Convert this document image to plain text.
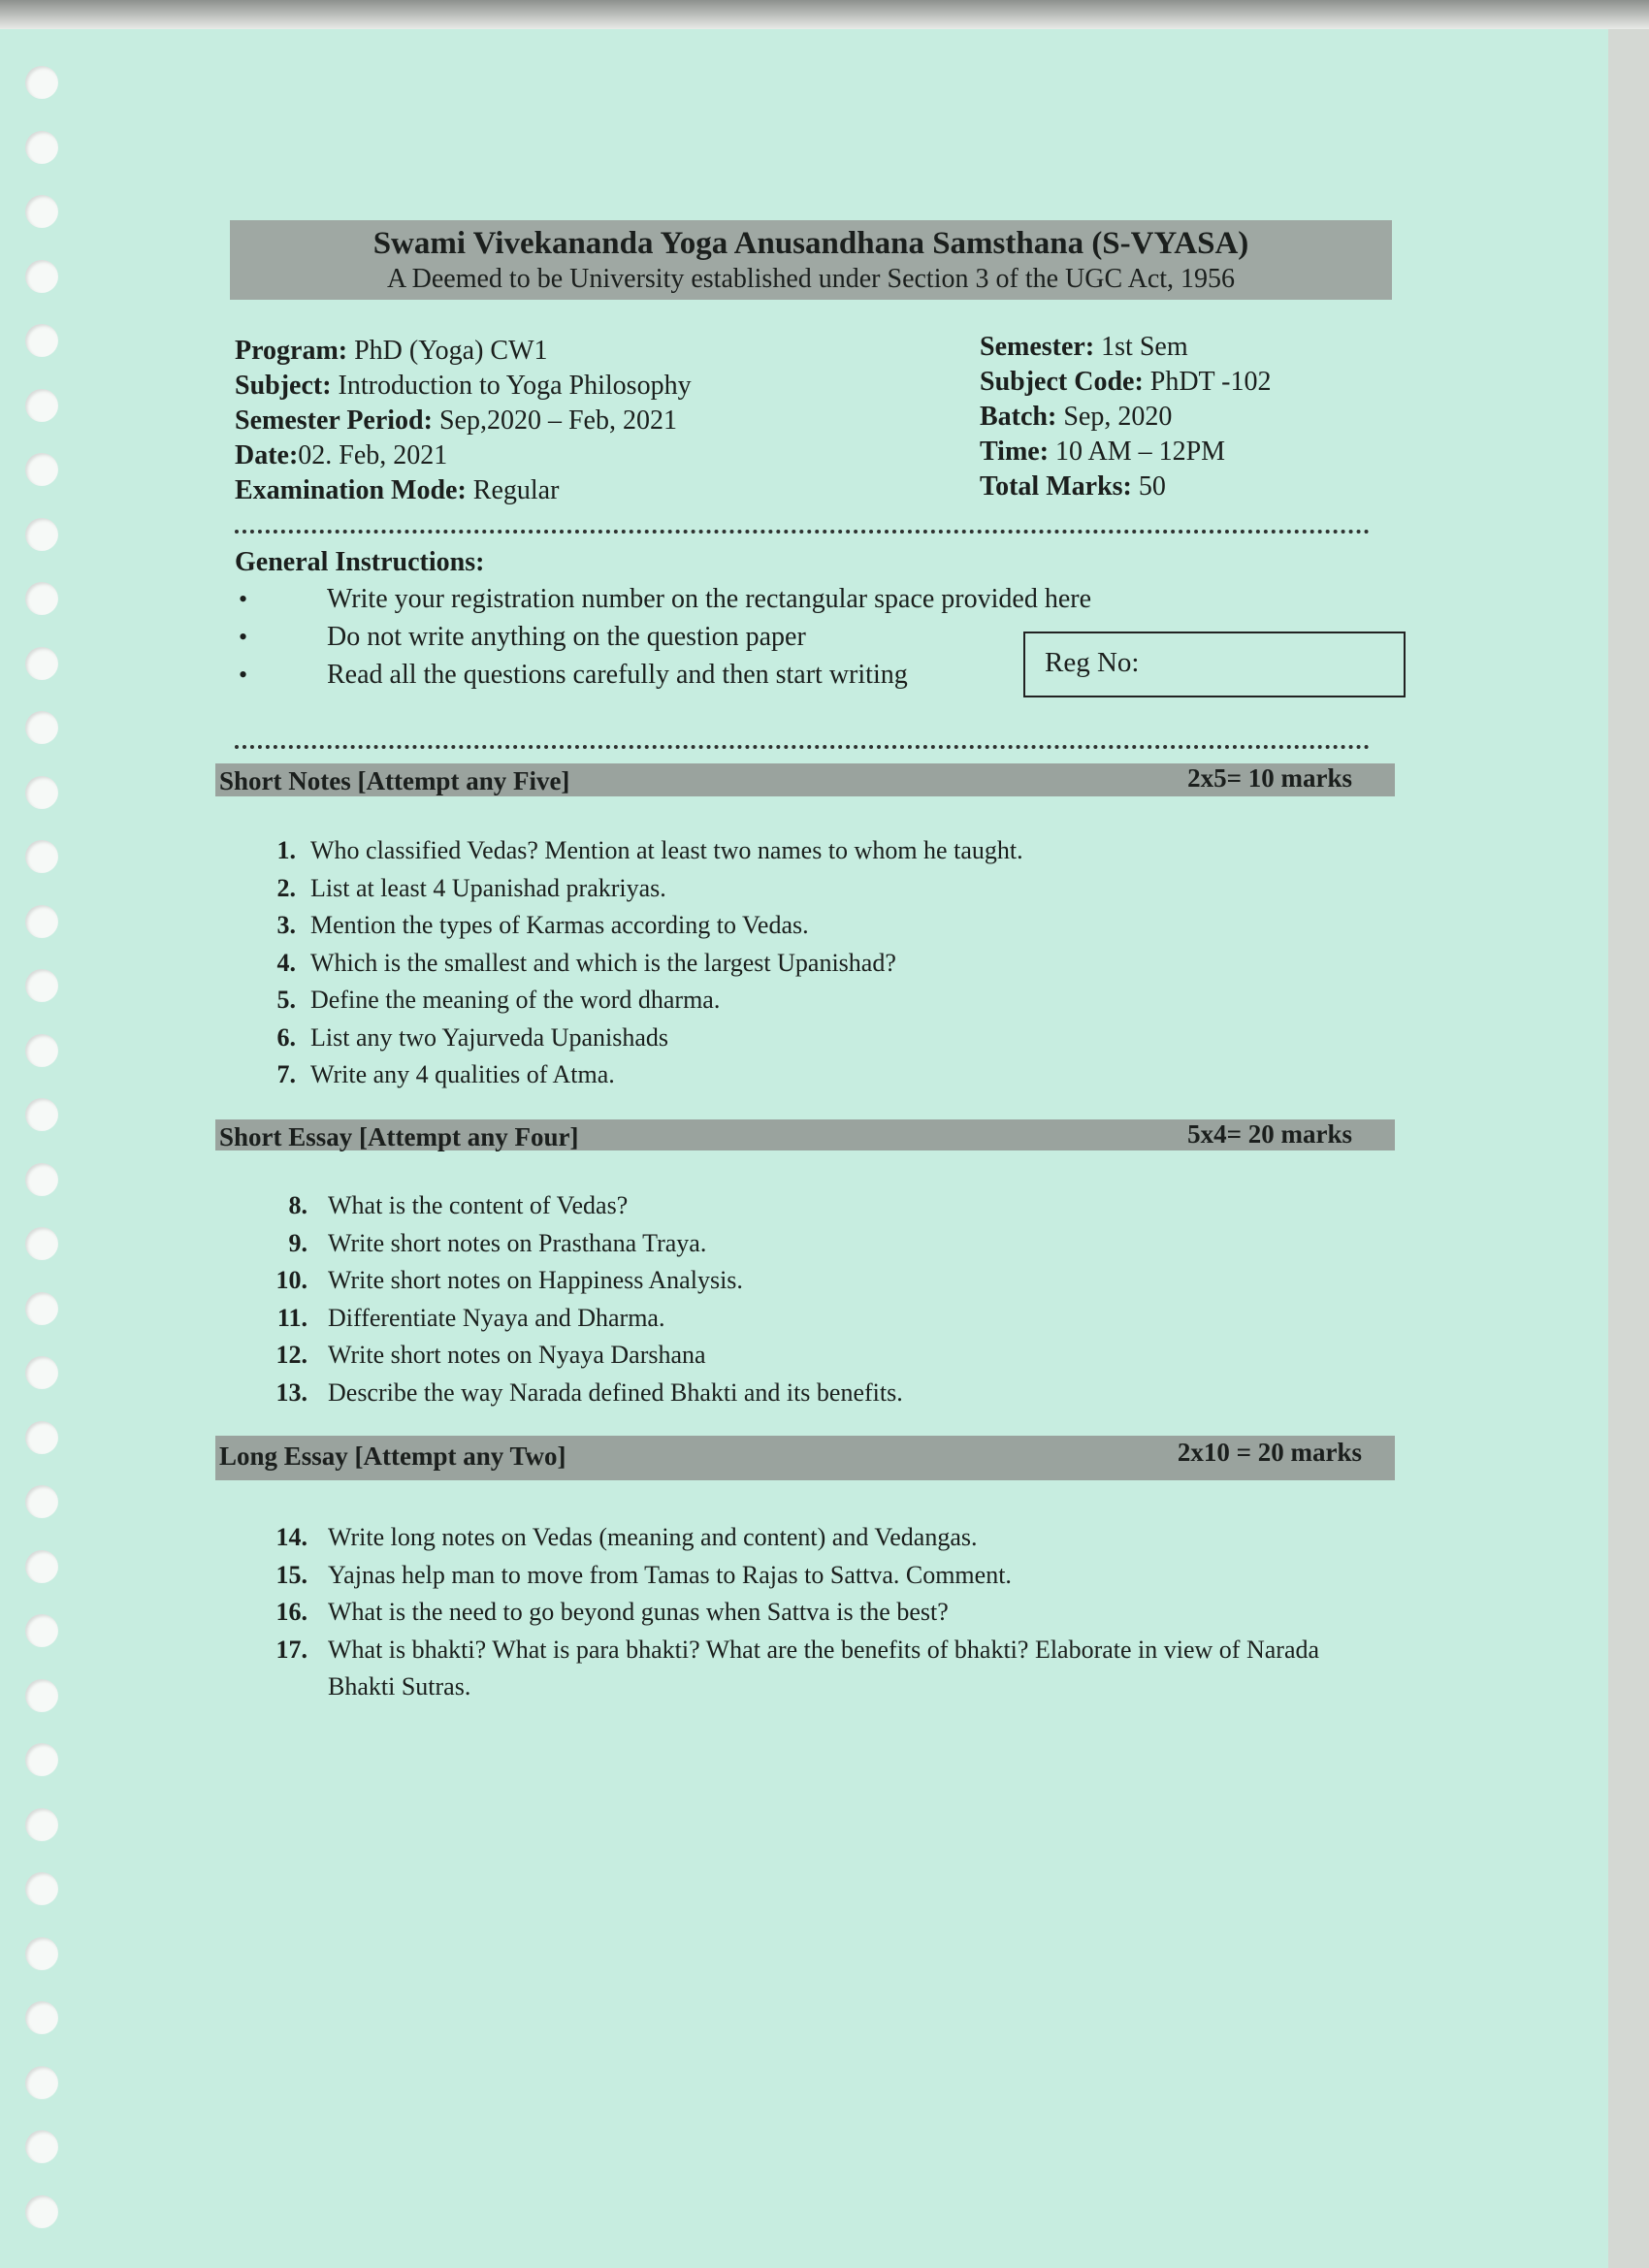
Swami Vivekananda Yoga Anusandhana Samsthana (S-VYASA)
A Deemed to be University established under Section 3 of the UGC Act, 1956
Program: PhD (Yoga) CW1
Subject: Introduction to Yoga Philosophy
Semester Period: Sep,2020 – Feb, 2021
Date:02. Feb, 2021
Examination Mode: Regular
Semester: 1st Sem
Subject Code: PhDT -102
Batch: Sep, 2020
Time: 10 AM – 12PM
Total Marks: 50
General Instructions:
• Write your registration number on the rectangular space provided here
• Do not write anything on the question paper
• Read all the questions carefully and then start writing	Reg No:
Short Notes [Attempt any Five]	2x5= 10 marks
1. Who classified Vedas? Mention at least two names to whom he taught.
2. List at least 4 Upanishad prakriyas.
3. Mention the types of Karmas according to Vedas.
4. Which is the smallest and which is the largest Upanishad?
5. Define the meaning of the word dharma.
6. List any two Yajurveda Upanishads
7. Write any 4 qualities of Atma.
Short Essay [Attempt any Four]	5x4= 20 marks
8. What is the content of Vedas?
9. Write short notes on Prasthana Traya.
10. Write short notes on Happiness Analysis.
11. Differentiate Nyaya and Dharma.
12. Write short notes on Nyaya Darshana
13. Describe the way Narada defined Bhakti and its benefits.
Long Essay [Attempt any Two]	2x10 = 20 marks
14. Write long notes on Vedas (meaning and content) and Vedangas.
15. Yajnas help man to move from Tamas to Rajas to Sattva. Comment.
16. What is the need to go beyond gunas when Sattva is the best?
17. What is bhakti? What is para bhakti? What are the benefits of bhakti? Elaborate in view of Narada Bhakti Sutras.
